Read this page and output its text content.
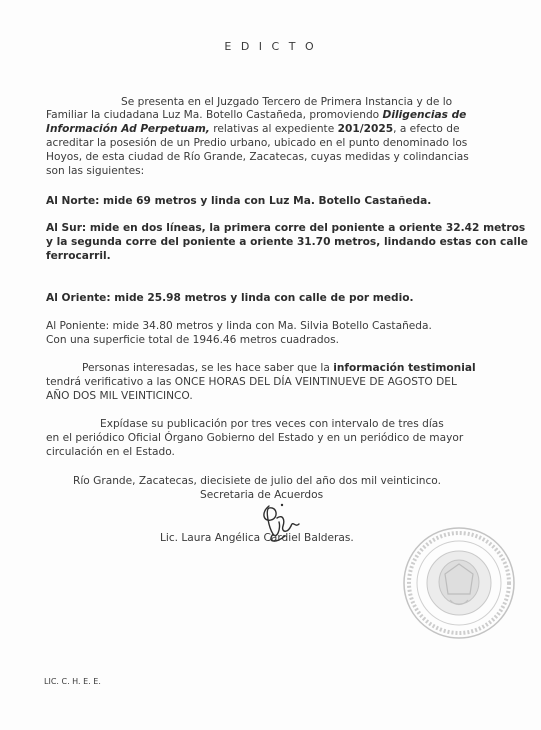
E D I C T O
Se presenta en el Juzgado Tercero de Primera Instancia y de lo
Familiar la ciudadana Luz Ma. Botello Castañeda, promoviendo Diligencias de
Información Ad Perpetuam, relativas al expediente 201/2025, a efecto de
acreditar la posesión de un Predio urbano, ubicado en el punto denominado los
Hoyos, de esta ciudad de Río Grande, Zacatecas, cuyas medidas y colindancias
son las siguientes:
Al Norte: mide 69 metros y linda con Luz Ma. Botello Castañeda.
Al Sur: mide en dos líneas, la primera corre del poniente a oriente 32.42 metros
y la segunda corre del poniente a oriente 31.70 metros, lindando estas con calle
ferrocarril.
Al Oriente: mide 25.98 metros y linda con calle de por medio.
Al Poniente: mide 34.80 metros y linda con Ma. Silvia Botello Castañeda.
Con una superficie total de 1946.46 metros cuadrados.
Personas interesadas, se les hace saber que la información testimonial
tendrá verificativo a las ONCE HORAS DEL DÍA VEINTINUEVE DE AGOSTO DEL
AÑO DOS MIL VEINTICINCO.
Expídase su publicación por tres veces con intervalo de tres días
en el periódico Oficial Órgano Gobierno del Estado y en un periódico de mayor
circulación en el Estado.
Río Grande, Zacatecas, diecisiete de julio del año dos mil veinticinco.
Secretaria de Acuerdos
Lic. Laura Angélica Cardiel Balderas.
LIC. C. H. E. E.
